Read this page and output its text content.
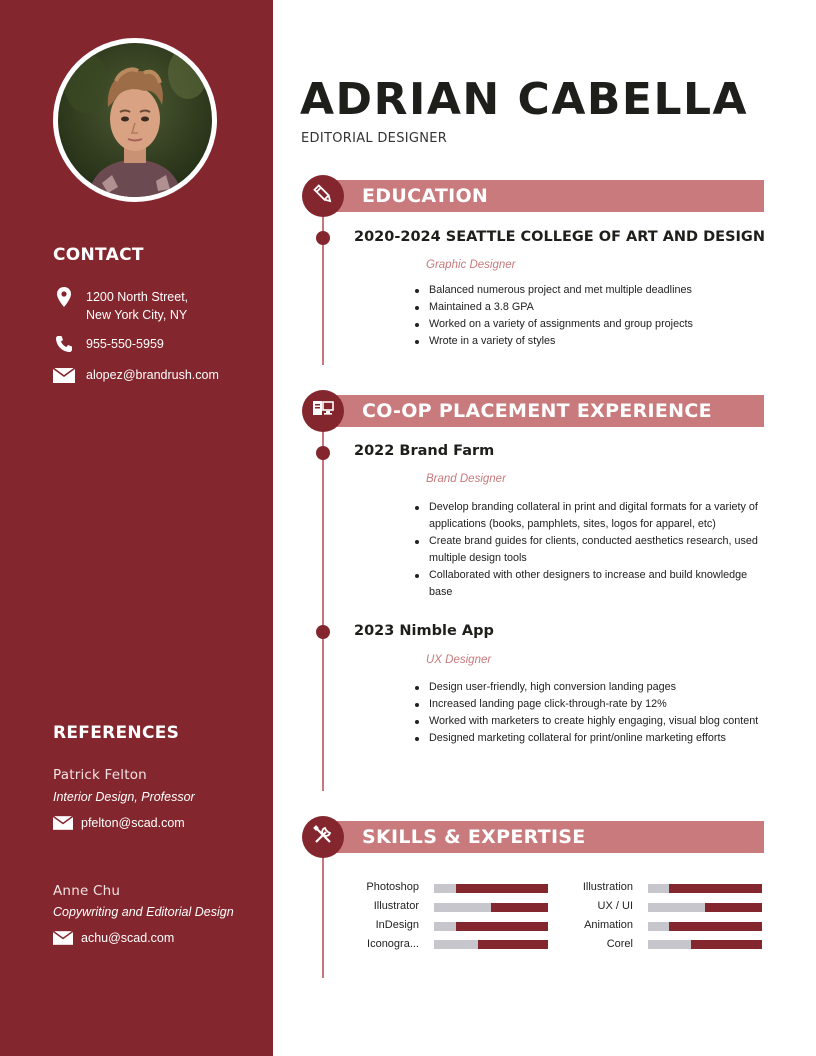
CONTACT
1200 North Street,
New York City, NY
955-550-5959
alopez@brandrush.com
REFERENCES
Patrick Felton
Interior Design, Professor
pfelton@scad.com
Anne Chu
Copywriting and Editorial Design
achu@scad.com
ADRIAN CABELLA
EDITORIAL DESIGNER
EDUCATION
2020-2024 SEATTLE COLLEGE OF ART AND DESIGN
Graphic Designer
Balanced numerous project and met multiple deadlines
Maintained a 3.8 GPA
Worked on a variety of assignments and group projects
Wrote in a variety of styles
CO-OP PLACEMENT EXPERIENCE
2022 Brand Farm
Brand Designer
Develop branding collateral in print and digital formats for a variety of applications (books, pamphlets, sites, logos for apparel, etc)
Create brand guides for clients, conducted aesthetics research, used multiple design tools
Collaborated with other designers to increase and build knowledge base
2023 Nimble App
UX Designer
Design user-friendly, high conversion landing pages
Increased landing page click-through-rate by 12%
Worked with marketers to create highly engaging, visual blog content
Designed marketing collateral for print/online marketing efforts
SKILLS & EXPERTISE
Photoshop
Illustrator
InDesign
Iconogra...
Illustration
UX / UI
Animation
Corel
